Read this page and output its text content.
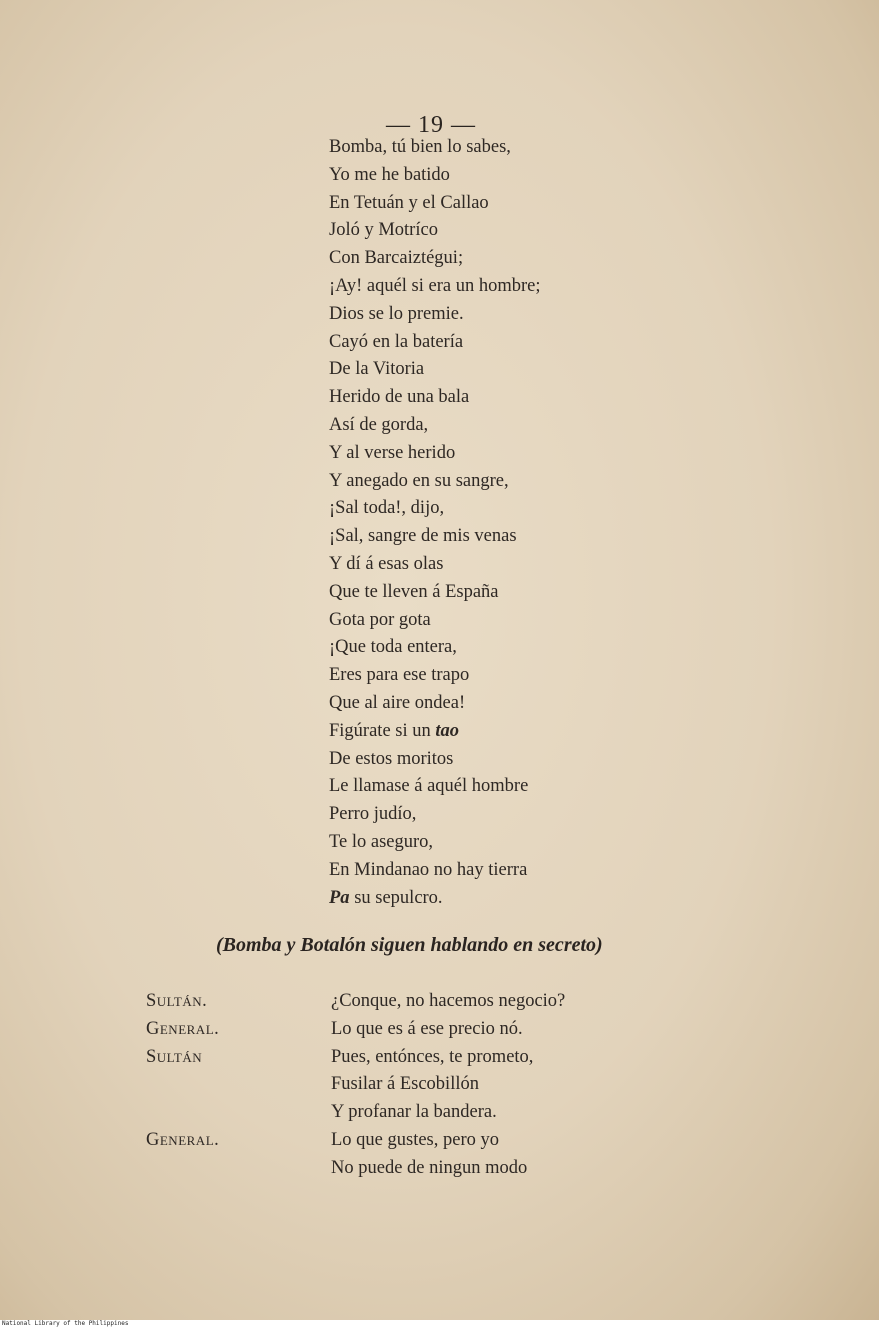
— 19 —
Bomba, tú bien lo sabes,
Yo me he batido
En Tetuán y el Callao
Joló y Motríco
Con Barcaiztégui;
¡Ay! aquél si era un hombre;
Dios se lo premie.
Cayó en la batería
De la Vitoria
Herido de una bala
Así de gorda,
Y al verse herido
Y anegado en su sangre,
¡Sal toda!, dijo,
¡Sal, sangre de mis venas
Y dí á esas olas
Que te lleven á España
Gota por gota
¡Que toda entera,
Eres para ese trapo
Que al aire ondea!
Figúrate si un tao
De estos moritos
Le llamase á aquél hombre
Perro judío,
Te lo aseguro,
En Mindanao no hay tierra
Pa su sepulcro.
(Bomba y Botalón siguen hablando en secreto)
Sultán.	¿Conque, no hacemos negocio?
General.	Lo que es á ese precio nó.
Sultán	Pues, entónces, te prometo,
Fusilar á Escobillón
Y profanar la bandera.
General.	Lo que gustes, pero yo
No puede de ningun modo
National Library of the Philippines
